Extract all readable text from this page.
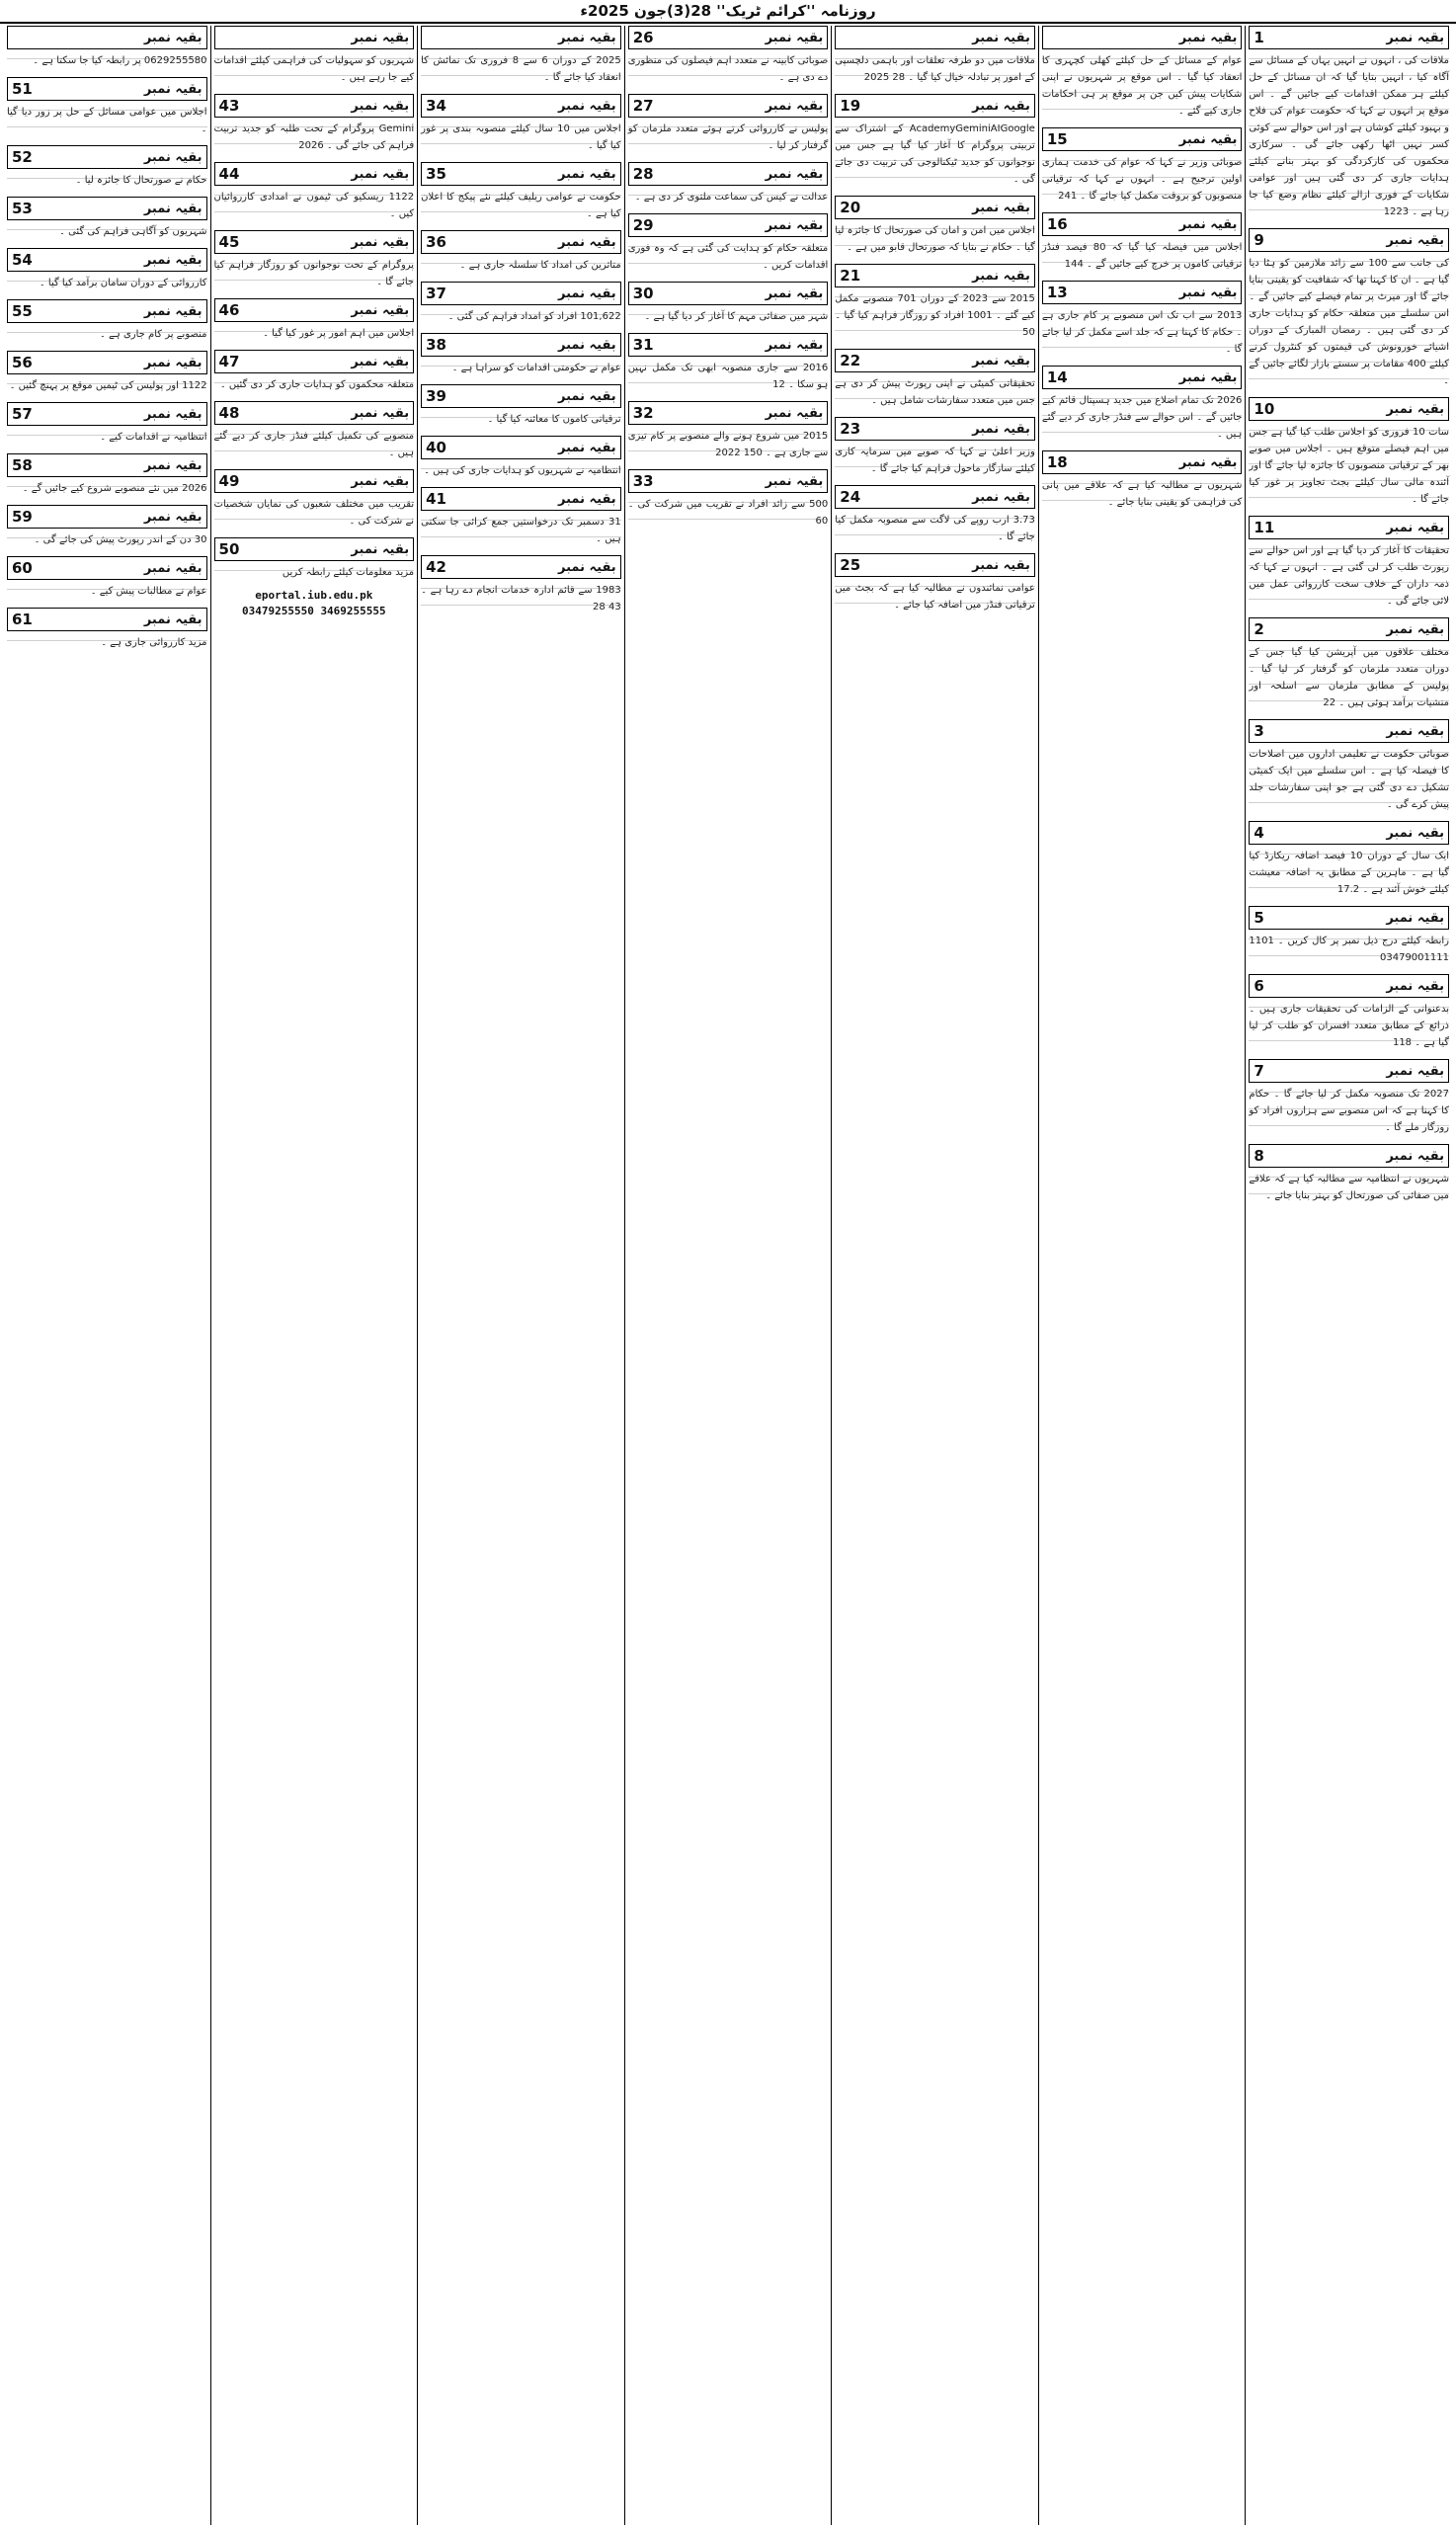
روزنامہ ''کرائم ٹریک'' 28(3)جون 2025ء
بقیہ نمبر
1

ملاقات کی ، انہوں نے انہیں یہاں کے مسائل سے آگاہ کیا ، انہیں بتایا گیا کہ ان مسائل کے حل کیلئے ہر ممکن اقدامات کیے جائیں گے ۔ اس موقع پر انہوں نے کہا کہ حکومت عوام کی فلاح و بہبود کیلئے کوشاں ہے اور اس حوالے سے کوئی کسر نہیں اٹھا رکھی جائے گی ۔ سرکاری محکموں کی کارکردگی کو بہتر بنانے کیلئے ہدایات جاری کر دی گئی ہیں اور عوامی شکایات کے فوری ازالے کیلئے نظام وضع کیا جا رہا ہے ۔ 1223

بقیہ نمبر
9

کی جانب سے 100 سے زائد ملازمین کو ہٹا دیا گیا ہے ۔ ان کا کہنا تھا کہ شفافیت کو یقینی بنایا جائے گا اور میرٹ پر تمام فیصلے کیے جائیں گے ۔ اس سلسلے میں متعلقہ حکام کو ہدایات جاری کر دی گئی ہیں ۔ رمضان المبارک کے دوران اشیائے خورونوش کی قیمتوں کو کنٹرول کرنے کیلئے 400 مقامات پر سستے بازار لگائے جائیں گے ۔

بقیہ نمبر
10

سات 10 فروری کو اجلاس طلب کیا گیا ہے جس میں اہم فیصلے متوقع ہیں ۔ اجلاس میں صوبے بھر کے ترقیاتی منصوبوں کا جائزہ لیا جائے گا اور آئندہ مالی سال کیلئے بجٹ تجاویز پر غور کیا جائے گا ۔

بقیہ نمبر
11

تحقیقات کا آغاز کر دیا گیا ہے اور اس حوالے سے رپورٹ طلب کر لی گئی ہے ۔ انہوں نے کہا کہ ذمہ داران کے خلاف سخت کارروائی عمل میں لائی جائے گی ۔

بقیہ نمبر
2

مختلف علاقوں میں آپریشن کیا گیا جس کے دوران متعدد ملزمان کو گرفتار کر لیا گیا ۔ پولیس کے مطابق ملزمان سے اسلحہ اور منشیات برآمد ہوئی ہیں ۔ 22

بقیہ نمبر
3

صوبائی حکومت نے تعلیمی اداروں میں اصلاحات کا فیصلہ کیا ہے ۔ اس سلسلے میں ایک کمیٹی تشکیل دے دی گئی ہے جو اپنی سفارشات جلد پیش کرے گی ۔

بقیہ نمبر
4

ایک سال کے دوران 10 فیصد اضافہ ریکارڈ کیا گیا ہے ۔ ماہرین کے مطابق یہ اضافہ معیشت کیلئے خوش آئند ہے ۔ 17.2

بقیہ نمبر
5

رابطہ کیلئے درج ذیل نمبر پر کال کریں ۔ 1101 03479001111

بقیہ نمبر
6

بدعنوانی کے الزامات کی تحقیقات جاری ہیں ۔ ذرائع کے مطابق متعدد افسران کو طلب کر لیا گیا ہے ۔ 118

بقیہ نمبر
7

2027 تک منصوبہ مکمل کر لیا جائے گا ۔ حکام کا کہنا ہے کہ اس منصوبے سے ہزاروں افراد کو روزگار ملے گا ۔

بقیہ نمبر
8

شہریوں نے انتظامیہ سے مطالبہ کیا ہے کہ علاقے میں صفائی کی صورتحال کو بہتر بنایا جائے ۔

بقیہ نمبر

عوام کے مسائل کے حل کیلئے کھلی کچہری کا انعقاد کیا گیا ۔ اس موقع پر شہریوں نے اپنی شکایات پیش کیں جن پر موقع پر ہی احکامات جاری کیے گئے ۔

بقیہ نمبر
15

صوبائی وزیر نے کہا کہ عوام کی خدمت ہماری اولین ترجیح ہے ۔ انہوں نے کہا کہ ترقیاتی منصوبوں کو بروقت مکمل کیا جائے گا ۔ 241

بقیہ نمبر
16

اجلاس میں فیصلہ کیا گیا کہ 80 فیصد فنڈز ترقیاتی کاموں پر خرچ کیے جائیں گے ۔ 144

بقیہ نمبر
13

2013 سے اب تک اس منصوبے پر کام جاری ہے ۔ حکام کا کہنا ہے کہ جلد اسے مکمل کر لیا جائے گا ۔

بقیہ نمبر
14

2026 تک تمام اضلاع میں جدید ہسپتال قائم کیے جائیں گے ۔ اس حوالے سے فنڈز جاری کر دیے گئے ہیں ۔

بقیہ نمبر
18

شہریوں نے مطالبہ کیا ہے کہ علاقے میں پانی کی فراہمی کو یقینی بنایا جائے ۔

بقیہ نمبر

ملاقات میں دو طرفہ تعلقات اور باہمی دلچسپی کے امور پر تبادلہ خیال کیا گیا ۔ 28 2025

بقیہ نمبر
19

AcademyGeminiAIGoogle کے اشتراک سے تربیتی پروگرام کا آغاز کیا گیا ہے جس میں نوجوانوں کو جدید ٹیکنالوجی کی تربیت دی جائے گی ۔

بقیہ نمبر
20

اجلاس میں امن و امان کی صورتحال کا جائزہ لیا گیا ۔ حکام نے بتایا کہ صورتحال قابو میں ہے ۔

بقیہ نمبر
21

2015 سے 2023 کے دوران 701 منصوبے مکمل کیے گئے ۔ 1001 افراد کو روزگار فراہم کیا گیا ۔ 50

بقیہ نمبر
22

تحقیقاتی کمیٹی نے اپنی رپورٹ پیش کر دی ہے جس میں متعدد سفارشات شامل ہیں ۔

بقیہ نمبر
23

وزیر اعلیٰ نے کہا کہ صوبے میں سرمایہ کاری کیلئے سازگار ماحول فراہم کیا جائے گا ۔

بقیہ نمبر
24

3.73 ارب روپے کی لاگت سے منصوبہ مکمل کیا جائے گا ۔

بقیہ نمبر
25

عوامی نمائندوں نے مطالبہ کیا ہے کہ بجٹ میں ترقیاتی فنڈز میں اضافہ کیا جائے ۔

بقیہ نمبر
26

صوبائی کابینہ نے متعدد اہم فیصلوں کی منظوری دے دی ہے ۔

بقیہ نمبر
27

پولیس نے کارروائی کرتے ہوئے متعدد ملزمان کو گرفتار کر لیا ۔

بقیہ نمبر
28

عدالت نے کیس کی سماعت ملتوی کر دی ہے ۔

بقیہ نمبر
29

متعلقہ حکام کو ہدایت کی گئی ہے کہ وہ فوری اقدامات کریں ۔

بقیہ نمبر
30

شہر میں صفائی مہم کا آغاز کر دیا گیا ہے ۔

بقیہ نمبر
31

2016 سے جاری منصوبہ ابھی تک مکمل نہیں ہو سکا ۔ 12

بقیہ نمبر
32

2015 میں شروع ہونے والے منصوبے پر کام تیزی سے جاری ہے ۔ 150 2022

بقیہ نمبر
33

500 سے زائد افراد نے تقریب میں شرکت کی ۔ 60

بقیہ نمبر

2025 کے دوران 6 سے 8 فروری تک نمائش کا انعقاد کیا جائے گا ۔

بقیہ نمبر
34

اجلاس میں 10 سال کیلئے منصوبہ بندی پر غور کیا گیا ۔

بقیہ نمبر
35

حکومت نے عوامی ریلیف کیلئے نئے پیکج کا اعلان کیا ہے ۔

بقیہ نمبر
36

متاثرین کی امداد کا سلسلہ جاری ہے ۔

بقیہ نمبر
37

101,622 افراد کو امداد فراہم کی گئی ۔

بقیہ نمبر
38

عوام نے حکومتی اقدامات کو سراہا ہے ۔

بقیہ نمبر
39

ترقیاتی کاموں کا معائنہ کیا گیا ۔

بقیہ نمبر
40

انتظامیہ نے شہریوں کو ہدایات جاری کی ہیں ۔

بقیہ نمبر
41

31 دسمبر تک درخواستیں جمع کرائی جا سکتی ہیں ۔

بقیہ نمبر
42

1983 سے قائم ادارہ خدمات انجام دے رہا ہے ۔ 43 28

بقیہ نمبر

شہریوں کو سہولیات کی فراہمی کیلئے اقدامات کیے جا رہے ہیں ۔

بقیہ نمبر
43

Gemini پروگرام کے تحت طلبہ کو جدید تربیت فراہم کی جائے گی ۔ 2026

بقیہ نمبر
44

1122 ریسکیو کی ٹیموں نے امدادی کارروائیاں کیں ۔

بقیہ نمبر
45

پروگرام کے تحت نوجوانوں کو روزگار فراہم کیا جائے گا ۔

بقیہ نمبر
46

اجلاس میں اہم امور پر غور کیا گیا ۔

بقیہ نمبر
47

متعلقہ محکموں کو ہدایات جاری کر دی گئیں ۔

بقیہ نمبر
48

منصوبے کی تکمیل کیلئے فنڈز جاری کر دیے گئے ہیں ۔

بقیہ نمبر
49

تقریب میں مختلف شعبوں کی نمایاں شخصیات نے شرکت کی ۔

بقیہ نمبر
50

مزید معلومات کیلئے رابطہ کریں

eportal.iub.edu.pk
03479255550 3469255555
بقیہ نمبر

0629255580 پر رابطہ کیا جا سکتا ہے ۔

بقیہ نمبر
51

اجلاس میں عوامی مسائل کے حل پر زور دیا گیا ۔

بقیہ نمبر
52

حکام نے صورتحال کا جائزہ لیا ۔

بقیہ نمبر
53

شہریوں کو آگاہی فراہم کی گئی ۔

بقیہ نمبر
54

کارروائی کے دوران سامان برآمد کیا گیا ۔

بقیہ نمبر
55

منصوبے پر کام جاری ہے ۔

بقیہ نمبر
56

1122 اور پولیس کی ٹیمیں موقع پر پہنچ گئیں ۔

بقیہ نمبر
57

انتظامیہ نے اقدامات کیے ۔

بقیہ نمبر
58

2026 میں نئے منصوبے شروع کیے جائیں گے ۔

بقیہ نمبر
59

30 دن کے اندر رپورٹ پیش کی جائے گی ۔

بقیہ نمبر
60

عوام نے مطالبات پیش کیے ۔

بقیہ نمبر
61

مزید کارروائی جاری ہے ۔
